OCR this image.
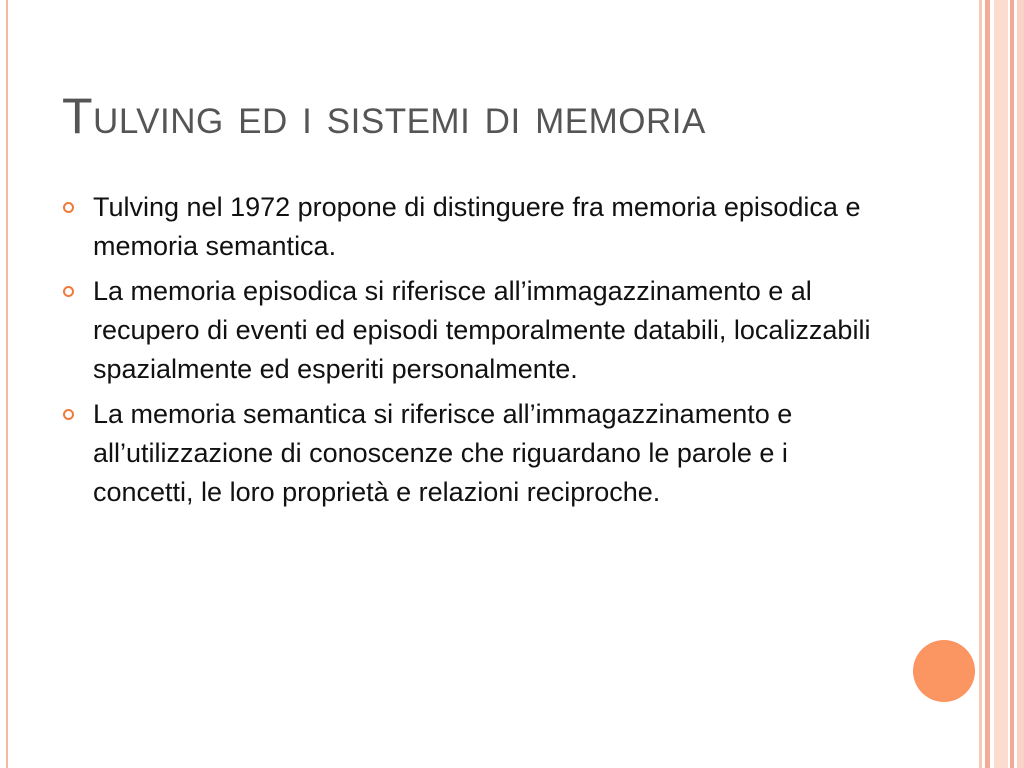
Tulving ed i sistemi di memoria
Tulving nel 1972 propone di distinguere fra memoria episodica e memoria semantica.
La memoria episodica si riferisce all’immagazzinamento e al recupero di eventi ed episodi temporalmente databili, localizzabili spazialmente ed esperiti personalmente.
La memoria semantica si riferisce all’immagazzinamento e all’utilizzazione di conoscenze che riguardano le parole e i concetti, le loro proprietà e relazioni reciproche.
